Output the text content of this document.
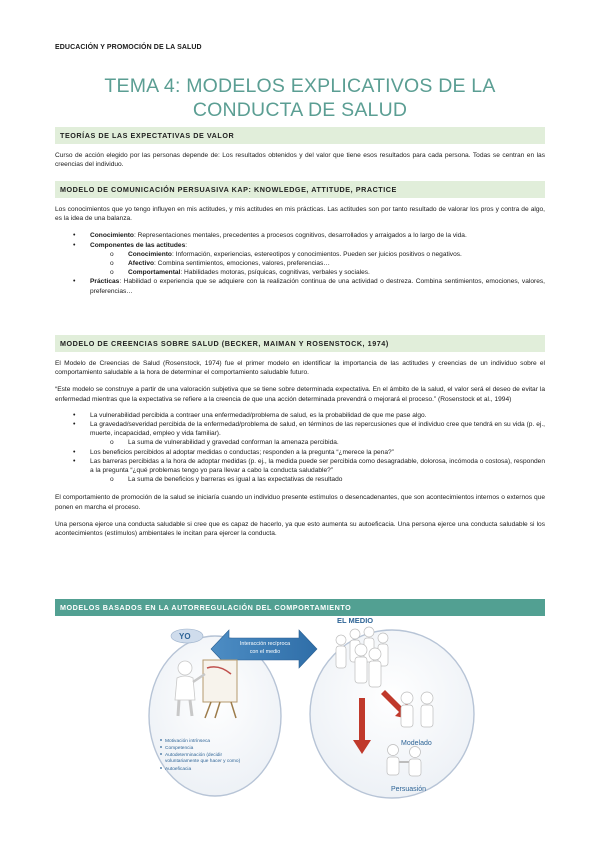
EDUCACIÓN Y PROMOCIÓN DE LA SALUD
TEMA 4: MODELOS EXPLICATIVOS DE LA CONDUCTA DE SALUD
TEORÍAS DE LAS EXPECTATIVAS DE VALOR

Curso de acción elegido por las personas depende de: Los resultados obtenidos y del valor que tiene esos resultados para cada persona. Todas se centran en las creencias del individuo.

MODELO DE COMUNICACIÓN PERSUASIVA KAP: KNOWLEDGE, ATTITUDE, PRACTICE

Los conocimientos que yo tengo influyen en mis actitudes, y mis actitudes en mis prácticas. Las actitudes son por tanto resultado de valorar los pros y contra de algo, es la idea de una balanza.

• Conocimiento: Representaciones mentales, precedentes a procesos cognitivos, desarrollados y arraigados a lo largo de la vida.
• Componentes de las actitudes:
o Conocimiento: Información, experiencias, estereotipos y conocimientos. Pueden ser juicios positivos o negativos.
o Afectivo: Combina sentimientos, emociones, valores, preferencias…
o Comportamental: Habilidades motoras, psíquicas, cognitivas, verbales y sociales.
• Prácticas: Habilidad o experiencia que se adquiere con la realización continua de una actividad o destreza. Combina sentimientos, emociones, valores, preferencias…
MODELO DE CREENCIAS SOBRE SALUD (BECKER, MAIMAN Y ROSENSTOCK, 1974)

El Modelo de Creencias de Salud (Rosenstock, 1974) fue el primer modelo en identificar la importancia de las actitudes y creencias de un individuo sobre el comportamiento saludable a la hora de determinar el comportamiento saludable futuro.

“Este modelo se construye a partir de una valoración subjetiva que se tiene sobre determinada expectativa. En el ámbito de la salud, el valor será el deseo de evitar la enfermedad mientras que la expectativa se refiere a la creencia de que una acción determinada prevendrá o mejorará el proceso.” (Rosenstock et al., 1994)

• La vulnerabilidad percibida a contraer una enfermedad/problema de salud, es la probabilidad de que me pase algo.
• La gravedad/severidad percibida de la enfermedad/problema de salud, en términos de las repercusiones que el individuo cree que tendrá en su vida (p. ej., muerte, incapacidad, empleo y vida familiar).
o La suma de vulnerabilidad y gravedad conforman la amenaza percibida.
• Los beneficios percibidos al adoptar medidas o conductas; responden a la pregunta “¿merece la pena?”
• Las barreras percibidas a la hora de adoptar medidas (p. ej., la medida puede ser percibida como desagradable, dolorosa, incómoda o costosa), responden a la pregunta “¿qué problemas tengo yo para llevar a cabo la conducta saludable?”
o La suma de beneficios y barreras es igual a las expectativas de resultado

El comportamiento de promoción de la salud se iniciaría cuando un individuo presente estímulos o desencadenantes, que son acontecimientos internos o externos que ponen en marcha el proceso.

Una persona ejerce una conducta saludable si cree que es capaz de hacerlo, ya que esto aumenta su autoeficacia. Una persona ejerce una conducta saludable si los acontecimientos (estímulos) ambientales le incitan para ejercer la conducta.

MODELOS BASADOS EN LA AUTORREGULACIÓN DEL COMPORTAMIENTO
YO
EL MEDIO
Interacción recíproca
con el medio
Motivación intrínseca
Competencia
Autodeterminación (decidir
voluntariamente que hacer y como)
Autoeficacia
Modelado
Persuasión
